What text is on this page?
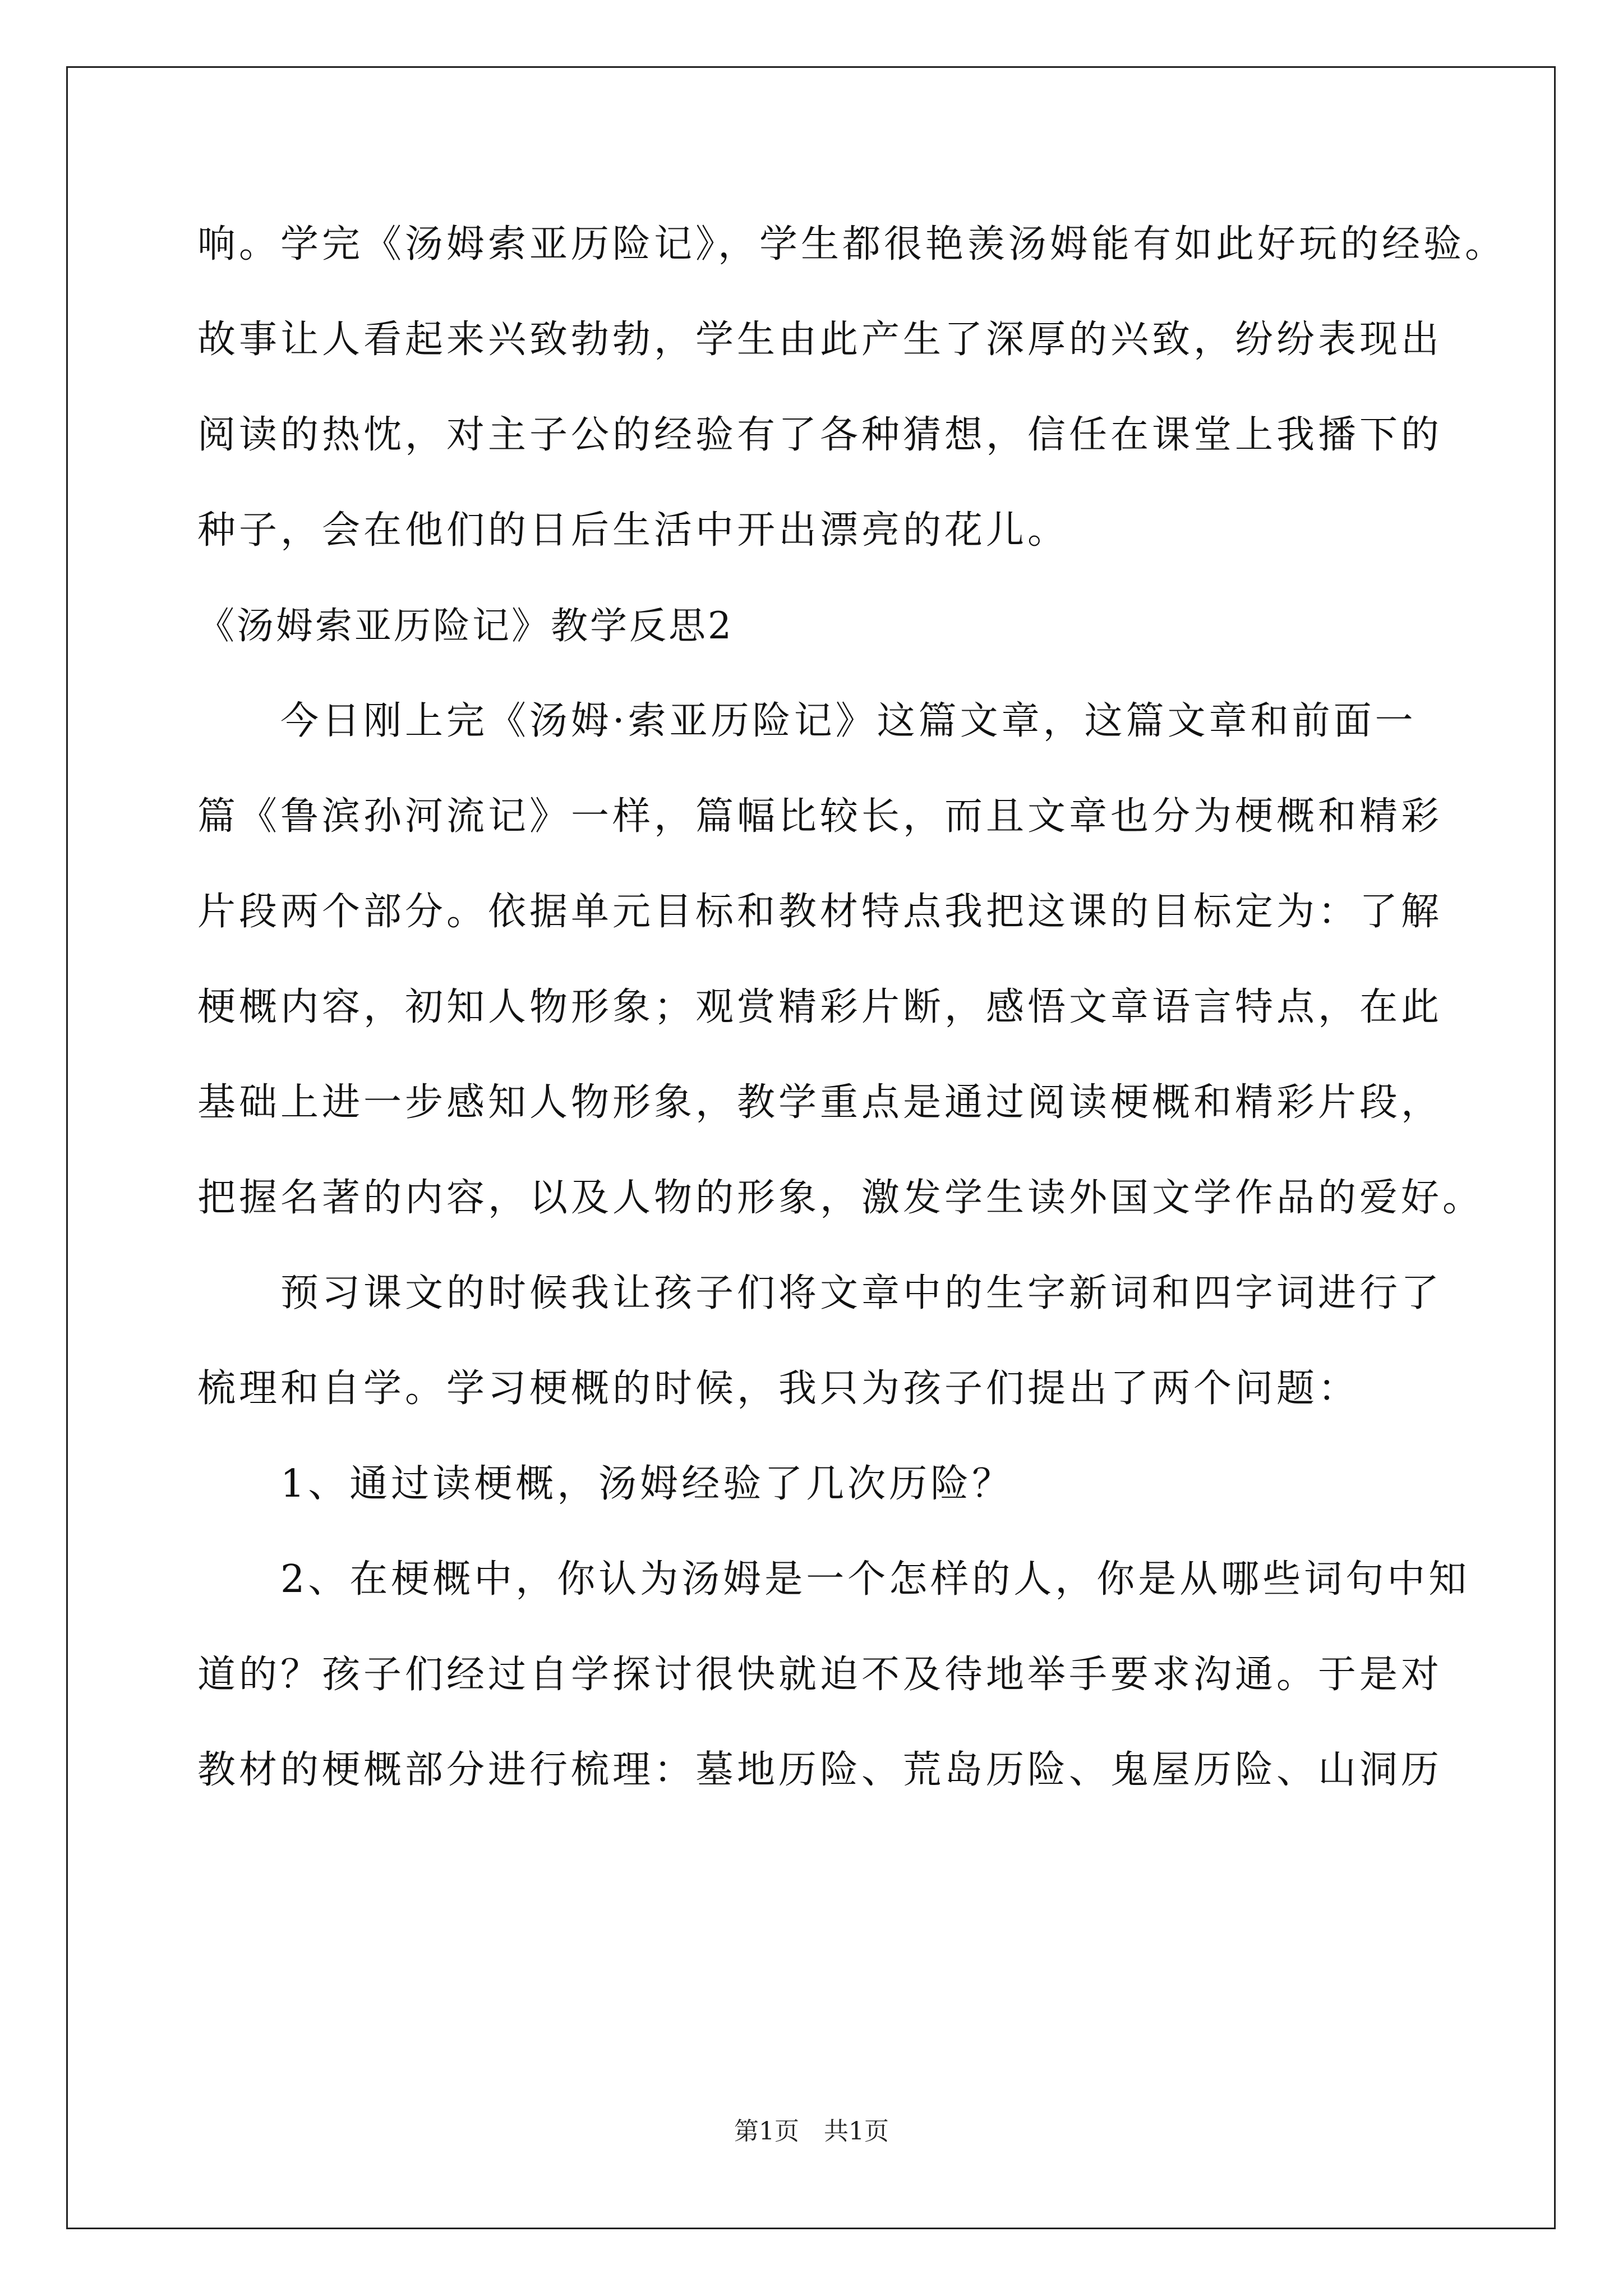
响。学完《汤姆索亚历险记》，学生都很艳羡汤姆能有如此好玩的经验。

故事让人看起来兴致勃勃，学生由此产生了深厚的兴致，纷纷表现出

阅读的热忱，对主子公的经验有了各种猜想，信任在课堂上我播下的

种子，会在他们的日后生活中开出漂亮的花儿。

《汤姆索亚历险记》教学反思2

　　今日刚上完《汤姆·索亚历险记》这篇文章，这篇文章和前面一

篇《鲁滨孙河流记》一样，篇幅比较长，而且文章也分为梗概和精彩

片段两个部分。依据单元目标和教材特点我把这课的目标定为：了解

梗概内容，初知人物形象；观赏精彩片断，感悟文章语言特点，在此

基础上进一步感知人物形象，教学重点是通过阅读梗概和精彩片段，

把握名著的内容，以及人物的形象，激发学生读外国文学作品的爱好。

　　预习课文的时候我让孩子们将文章中的生字新词和四字词进行了

梳理和自学。学习梗概的时候，我只为孩子们提出了两个问题：

　　1、通过读梗概，汤姆经验了几次历险？

　　2、在梗概中，你认为汤姆是一个怎样的人，你是从哪些词句中知

道的？孩子们经过自学探讨很快就迫不及待地举手要求沟通。于是对

教材的梗概部分进行梳理：墓地历险、荒岛历险、鬼屋历险、山洞历

第1页　共1页
